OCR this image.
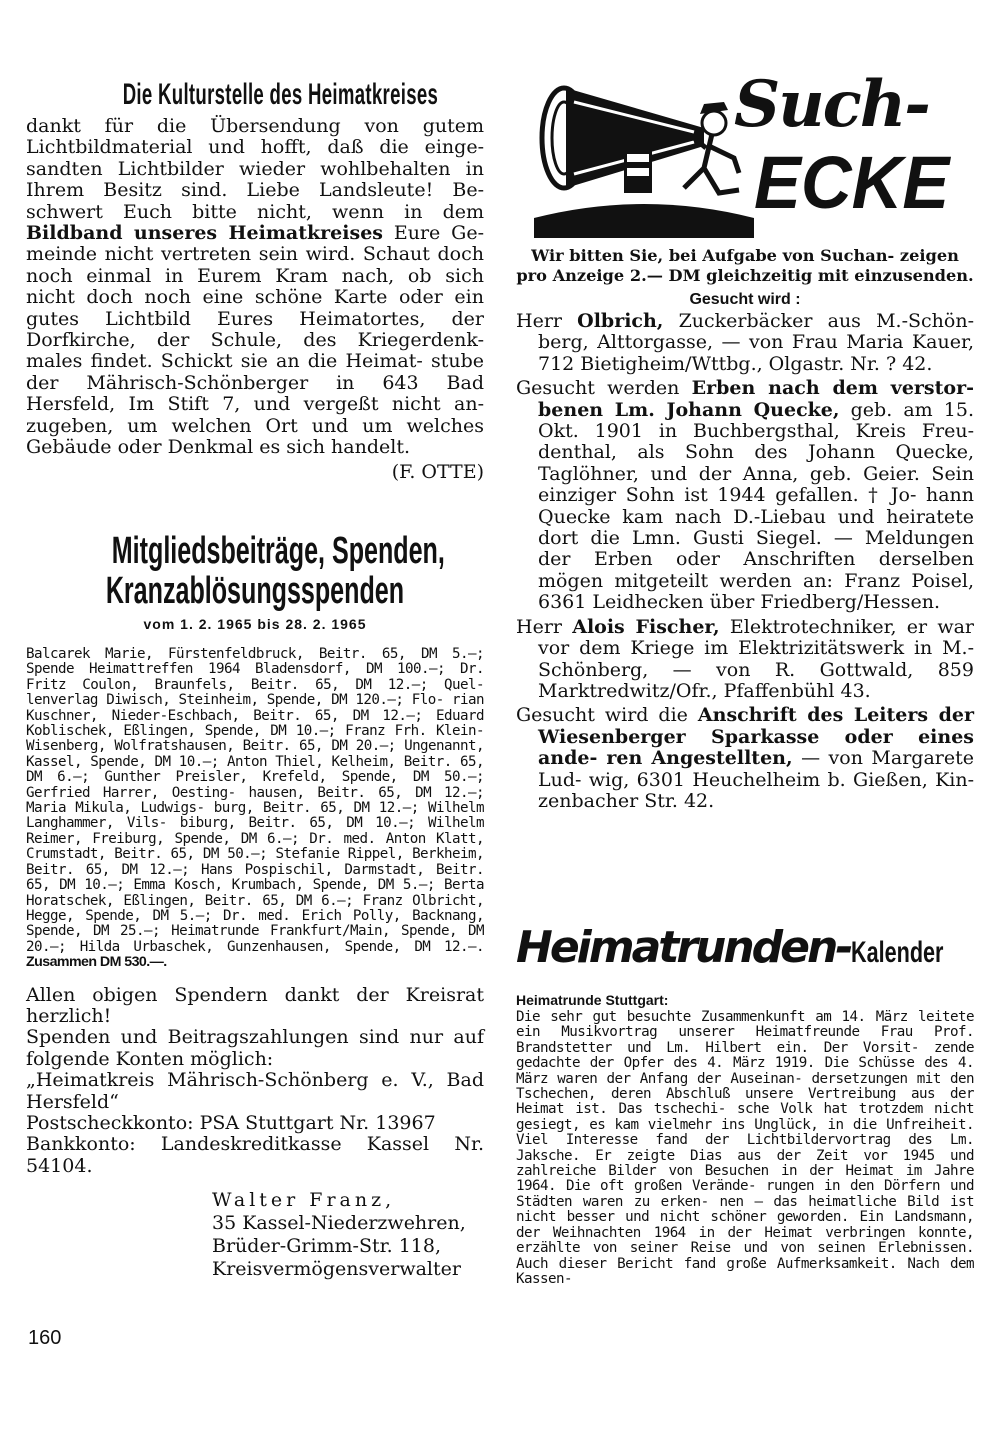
Die Kulturstelle des Heimatkreises

dankt für die Übersendung von gutem Lichtbildmaterial und hofft, daß die einge- sandten Lichtbilder wieder wohlbehalten in Ihrem Besitz sind. Liebe Landsleute! Be- schwert Euch bitte nicht, wenn in dem Bildband unseres Heimatkreises Eure Ge- meinde nicht vertreten sein wird. Schaut doch noch einmal in Eurem Kram nach, ob sich nicht doch noch eine schöne Karte oder ein gutes Lichtbild Eures Heimatortes, der Dorfkirche, der Schule, des Kriegerdenk- males findet. Schickt sie an die Heimat- stube der Mährisch-Schönberger in 643 Bad Hersfeld, Im Stift 7, und vergeßt nicht an- zugeben, um welchen Ort und um welches Gebäude oder Denkmal es sich handelt.

(F. OTTE)

Mitgliedsbeiträge, Spenden,
Kranzablösungsspenden
vom 1. 2. 1965 bis 28. 2. 1965

Balcarek Marie, Fürstenfeldbruck, Beitr. 65, DM 5.—; Spende Heimattreffen 1964 Bladensdorf, DM 100.—; Dr. Fritz Coulon, Braunfels, Beitr. 65, DM 12.—; Quel- lenverlag Diwisch, Steinheim, Spende, DM 120.—; Flo- rian Kuschner, Nieder-Eschbach, Beitr. 65, DM 12.—; Eduard Koblischek, Eßlingen, Spende, DM 10.—; Franz Frh. Klein-Wisenberg, Wolfratshausen, Beitr. 65, DM 20.—; Ungenannt, Kassel, Spende, DM 10.—; Anton Thiel, Kelheim, Beitr. 65, DM 6.—; Gunther Preisler, Krefeld, Spende, DM 50.—; Gerfried Harrer, Oesting- hausen, Beitr. 65, DM 12.—; Maria Mikula, Ludwigs- burg, Beitr. 65, DM 12.—; Wilhelm Langhammer, Vils- biburg, Beitr. 65, DM 10.—; Wilhelm Reimer, Freiburg, Spende, DM 6.—; Dr. med. Anton Klatt, Crumstadt, Beitr. 65, DM 50.—; Stefanie Rippel, Berkheim, Beitr. 65, DM 12.—; Hans Pospischil, Darmstadt, Beitr. 65, DM 10.—; Emma Kosch, Krumbach, Spende, DM 5.—; Berta Horatschek, Eßlingen, Beitr. 65, DM 6.—; Franz Olbricht, Hegge, Spende, DM 5.—; Dr. med. Erich Polly, Backnang, Spende, DM 25.—; Heimatrunde Frankfurt/Main, Spende, DM 20.—; Hilda Urbaschek, Gunzenhausen, Spende, DM 12.—. Zusammen DM 530.—.

Allen obigen Spendern dankt der Kreisrat herzlich!

Spenden und Beitragszahlungen sind nur auf folgende Konten möglich:

„Heimatkreis Mährisch-Schönberg e. V., Bad Hersfeld“

Postscheckkonto: PSA Stuttgart Nr. 13967

Bankkonto: Landeskreditkasse Kassel Nr. 54104.

Walter Franz,
35 Kassel-Niederzwehren,
Brüder-Grimm-Str. 118,
Kreisvermögensverwalter
160
Such-
ECKE

Wir bitten Sie, bei Aufgabe von Suchan- zeigen pro Anzeige 2.— DM gleichzeitig mit einzusenden.

Gesucht wird :

Herr Olbrich, Zuckerbäcker aus M.-Schön- berg, Alttorgasse, — von Frau Maria Kauer, 712 Bietigheim/Wttbg., Olgastr. Nr. ? 42.

Gesucht werden Erben nach dem verstor- benen Lm. Johann Quecke, geb. am 15. Okt. 1901 in Buchbergsthal, Kreis Freu- denthal, als Sohn des Johann Quecke, Taglöhner, und der Anna, geb. Geier. Sein einziger Sohn ist 1944 gefallen. † Jo- hann Quecke kam nach D.-Liebau und heiratete dort die Lmn. Gusti Siegel. — Meldungen der Erben oder Anschriften derselben mögen mitgeteilt werden an: Franz Poisel, 6361 Leidhecken über Friedberg/Hessen.

Herr Alois Fischer, Elektrotechniker, er war vor dem Kriege im Elektrizitätswerk in M.-Schönberg, — von R. Gottwald, 859 Marktredwitz/Ofr., Pfaffenbühl 43.

Gesucht wird die Anschrift des Leiters der Wiesenberger Sparkasse oder eines ande- ren Angestellten, — von Margarete Lud- wig, 6301 Heuchelheim b. Gießen, Kin- zenbacher Str. 42.

Heimatrunden-Kalender
Heimatrunde Stuttgart:

Die sehr gut besuchte Zusammenkunft am 14. März leitete ein Musikvortrag unserer Heimatfreunde Frau Prof. Brandstetter und Lm. Hilbert ein. Der Vorsit- zende gedachte der Opfer des 4. März 1919. Die Schüsse des 4. März waren der Anfang der Auseinan- dersetzungen mit den Tschechen, deren Abschluß unsere Vertreibung aus der Heimat ist. Das tschechi- sche Volk hat trotzdem nicht gesiegt, es kam vielmehr ins Unglück, in die Unfreiheit. Viel Interesse fand der Lichtbildervortrag des Lm. Jaksche. Er zeigte Dias aus der Zeit vor 1945 und zahlreiche Bilder von Besuchen in der Heimat im Jahre 1964. Die oft großen Verände- rungen in den Dörfern und Städten waren zu erken- nen — das heimatliche Bild ist nicht besser und nicht schöner geworden. Ein Landsmann, der Weihnachten 1964 in der Heimat verbringen konnte, erzählte von seiner Reise und von seinen Erlebnissen. Auch dieser Bericht fand große Aufmerksamkeit. Nach dem Kassen-
